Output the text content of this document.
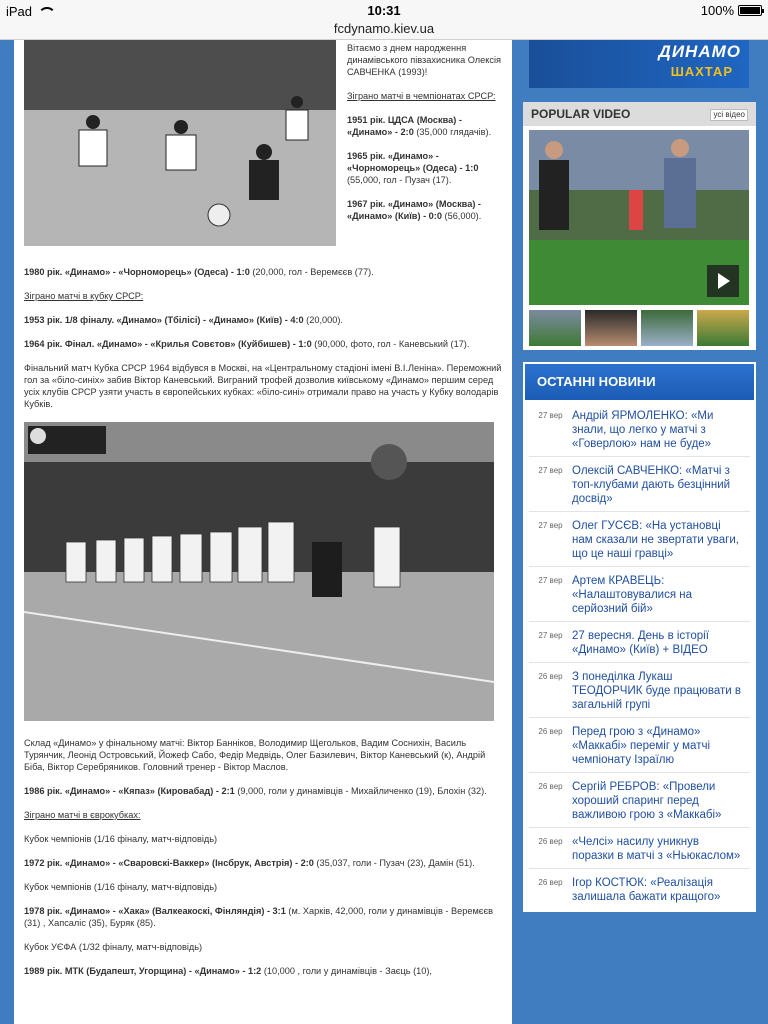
iPad	10:31	100%
fcdynamo.kiev.ua

Вітаємо з днем народження динамівського півзахисника Олексія САВЧЕНКА (1993)!

Зіграно матчі в чемпіонатах СРСР:

1951 рік. ЦДСА (Москва) - «Динамо» - 2:0 (35,000 глядачів).

1965 рік. «Динамо» - «Чорноморець» (Одеса) - 1:0 (55,000, гол - Пузач (17).

1967 рік. «Динамо» (Москва) - «Динамо» (Київ) - 0:0 (56,000).

1980 рік. «Динамо» - «Чорноморець» (Одеса) - 1:0 (20,000, гол - Веремєєв (77).

Зіграно матчі в кубку СРСР:

1953 рік. 1/8 фіналу. «Динамо» (Тбілісі) - «Динамо» (Київ) - 4:0 (20,000).

1964 рік. Фінал. «Динамо» - «Крилья Совєтов» (Куйбишев) - 1:0 (90,000, фото, гол - Каневський (17).

Фінальний матч Кубка СРСР 1964 відбувся в Москві, на «Центральному стадіоні імені В.І.Леніна». Переможний гол за «біло-синіх» забив Віктор Каневський. Виграний трофей дозволив київському «Динамо» першим серед усіх клубів СРСР узяти участь в європейських кубках: «біло-сині» отримали право на участь у Кубку володарів Кубків.

Склад «Динамо» у фінальному матчі: Віктор Банніков, Володимир Щегольков, Вадим Соснихін, Василь Турянчик, Леонід Островський, Йожеф Сабо, Федір Медвідь, Олег Базилевич, Віктор Каневський (к), Андрій Біба, Віктор Серебряников. Головний тренер - Віктор Маслов.

1986 рік. «Динамо» - «Кяпаз» (Кировабад) - 2:1 (9,000, голи у динамівців - Михайличенко (19), Блохін (32).

Зіграно матчі в єврокубках:

Кубок чемпіонів (1/16 фіналу, матч-відповідь)

1972 рік. «Динамо» - «Сваровскі-Ваккер» (Інсбрук, Австрія) - 2:0 (35,037, голи - Пузач (23), Дамін (51).

Кубок чемпіонів (1/16 фіналу, матч-відповідь)

1978 рік. «Динамо» - «Хака» (Валкеакоскі, Фінляндія) - 3:1 (м. Харків, 42,000, голи у динамівців - Веремєєв (31) , Хапсаліс (35), Буряк (85).

Кубок УЄФА (1/32 фіналу, матч-відповідь)

1989 рік. МТК (Будапешт, Угорщина) - «Динамо» - 1:2 (10,000 , голи у динамівців - Заєць (10),

ДИНАМО
ШАХТАР
POPULAR VIDEO	усі відео
ОСТАННІ НОВИНИ
27 вер Андрій ЯРМОЛЕНКО: «Ми знали, що легко у матчі з «Говерлою» нам не буде»
27 вер Олексій САВЧЕНКО: «Матчі з топ-клубами дають безцінний досвід»
27 вер Олег ГУСЄВ: «На установці нам сказали не звертати уваги, що це наші гравці»
27 вер Артем КРАВЕЦЬ: «Налаштовувалися на серйозний бій»
27 вер 27 вересня. День в історії «Динамо» (Київ) + ВІДЕО
26 вер З понеділка Лукаш ТЕОДОРЧИК буде працювати в загальній групі
26 вер Перед грою з «Динамо» «Маккабі» переміг у матчі чемпіонату Ізраїлю
26 вер Сергій РЕБРОВ: «Провели хороший спаринг перед важливою грою з «Маккабі»
26 вер «Челсі» насилу уникнув поразки в матчі з «Ньюкаслом»
26 вер Ігор КОСТЮК: «Реалізація залишала бажати кращого»
